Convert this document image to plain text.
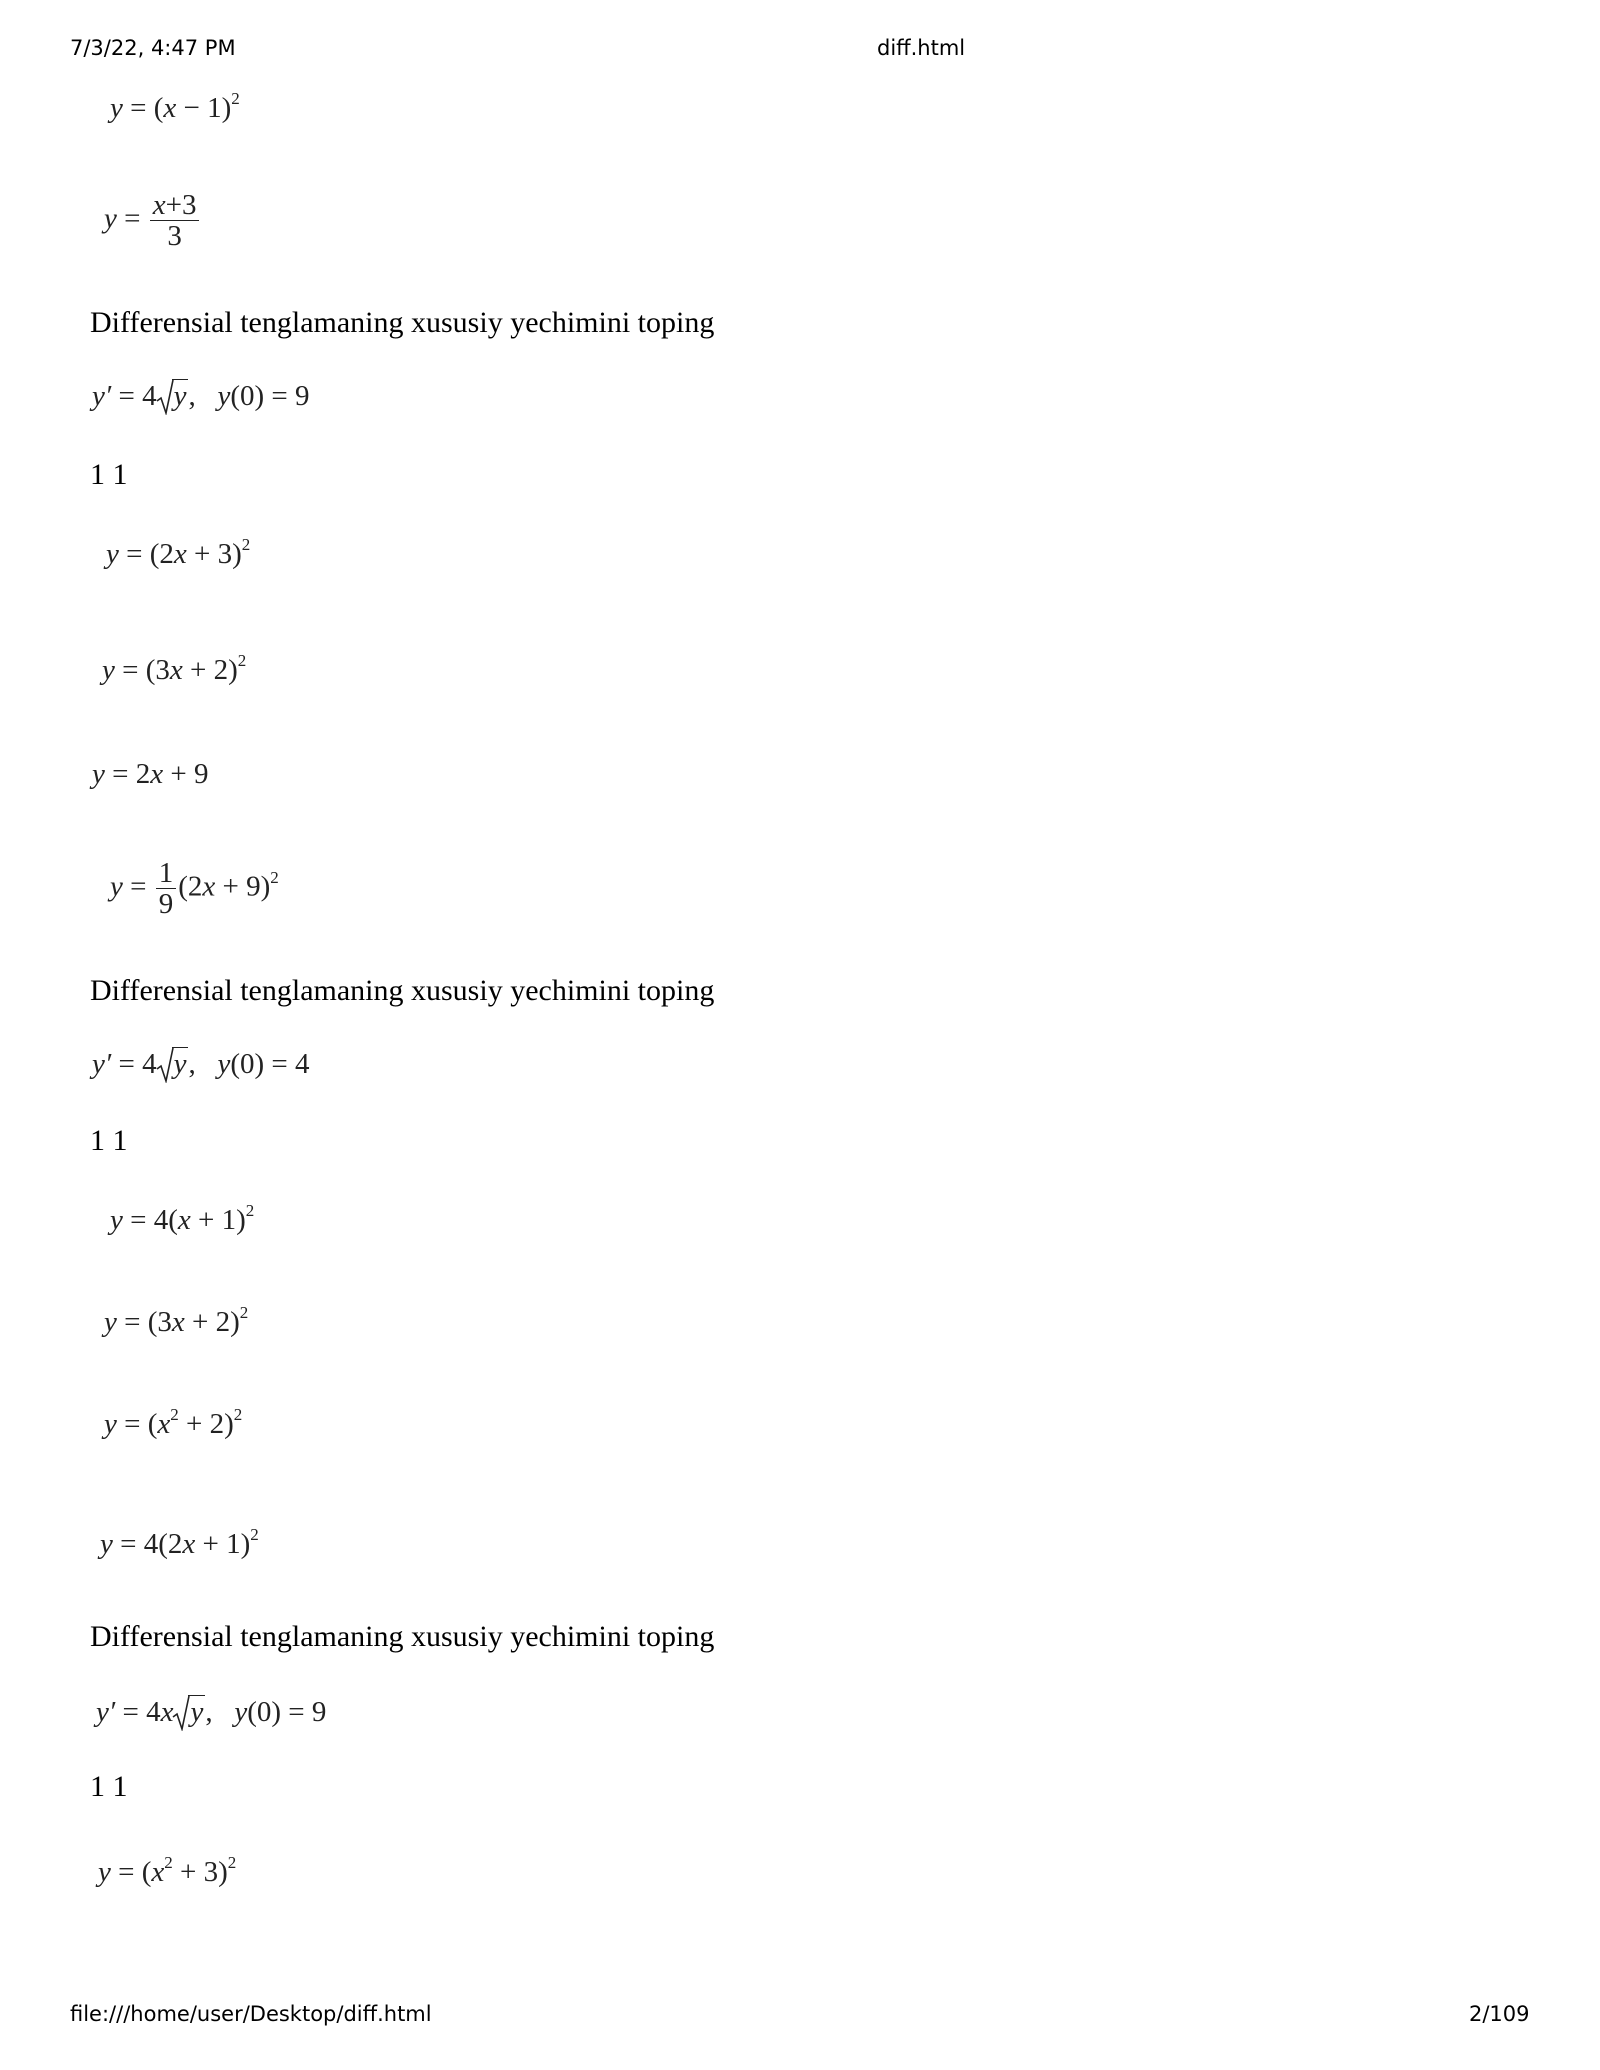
7/3/22, 4:47 PM	diff.html
file:///home/user/Desktop/diff.html	2/109
$y = (x - 1)^2$
$y = \frac{x+3}{3}$
Differensial tenglamaning xususiy yechimini toping
y′ = 4 y,   y(0) = 9
1 1
$y = (2x + 3)^2$
$y = (3x + 2)^2$
y = 2x + 9
$y = \frac{1}{9} (2x + 9)^2$
Differensial tenglamaning xususiy yechimini toping
y′ = 4 y,   y(0) = 4
1 1
$y = 4(x + 1)^2$
$y = (3x + 2)^2$
$y = (x^2 + 2)^2$
$y = 4(2x + 1)^2$
Differensial tenglamaning xususiy yechimini toping
y′ = 4x y,   y(0) = 9
1 1
$y = (x^2 + 3)^2$
